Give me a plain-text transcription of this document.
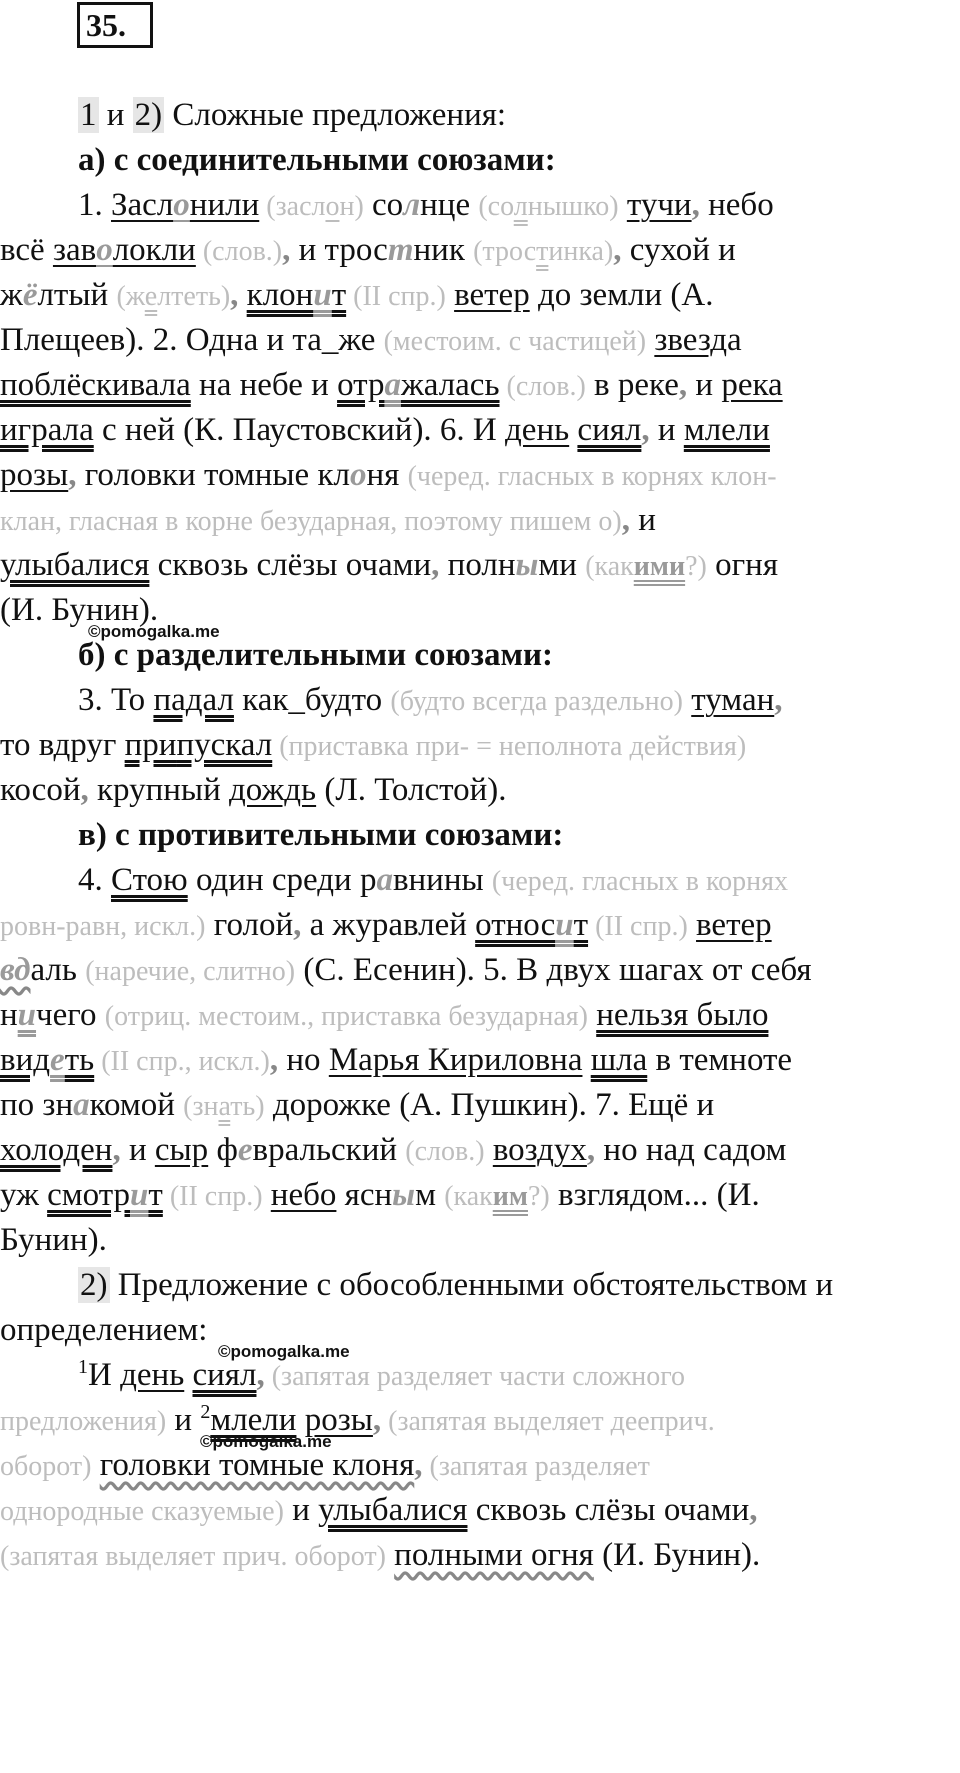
35.
1 и 2) Сложные предложения:
а) с соединительными союзами:
1. Заслонили (заслон) солнце (солнышко) тучи, небо
всё заволокли (слов.), и тростник (тростинка), сухой и
жёлтый (желтеть), клонит (II спр.) ветер до земли (А.
Плещеев). 2. Одна и та_же (местоим. с частицей) звезда
поблёскивала на небе и отражалась (слов.) в реке, и река
играла с ней (К. Паустовский). 6. И день сиял, и млели
розы, головки томные клоня (черед. гласных в корнях клон-
клан, гласная в корне безударная, поэтому пишем о), и
улыбалися сквозь слёзы очами, полными (какими?) огня
(И. Бунин).
©pomogalka.me
б) с разделительными союзами:
3. То падал как_будто (будто всегда раздельно) туман,
то вдруг припускал (приставка при- = неполнота действия)
косой, крупный дождь (Л. Толстой).
в) с противительными союзами:
4. Стою один среди равнины (черед. гласных в корнях
ровн-равн, искл.) голой, а журавлей относит (II спр.) ветер
вдаль (наречие, слитно) (С. Есенин). 5. В двух шагах от себя
ничего (отриц. местоим., приставка безударная) нельзя было
видеть (II спр., искл.), но Марья Кириловна шла в темноте
по знакомой (знать) дорожке (А. Пушкин). 7. Ещё и
холоден, и сыр февральский (слов.) воздух, но над садом
уж смотрит (II спр.) небо ясным (каким?) взглядом... (И.
Бунин).
2) Предложение с обособленными обстоятельством и
определением:
©pomogalka.me
$^1$И день сиял, (запятая разделяет части сложного
предложения) и $^2$млели розы, (запятая выделяет дееприч.
©pomogalka.me
оборот) головки томные клоня, (запятая разделяет
однородные сказуемые) и улыбалися сквозь слёзы очами,
(запятая выделяет прич. оборот) полными огня (И. Бунин).
